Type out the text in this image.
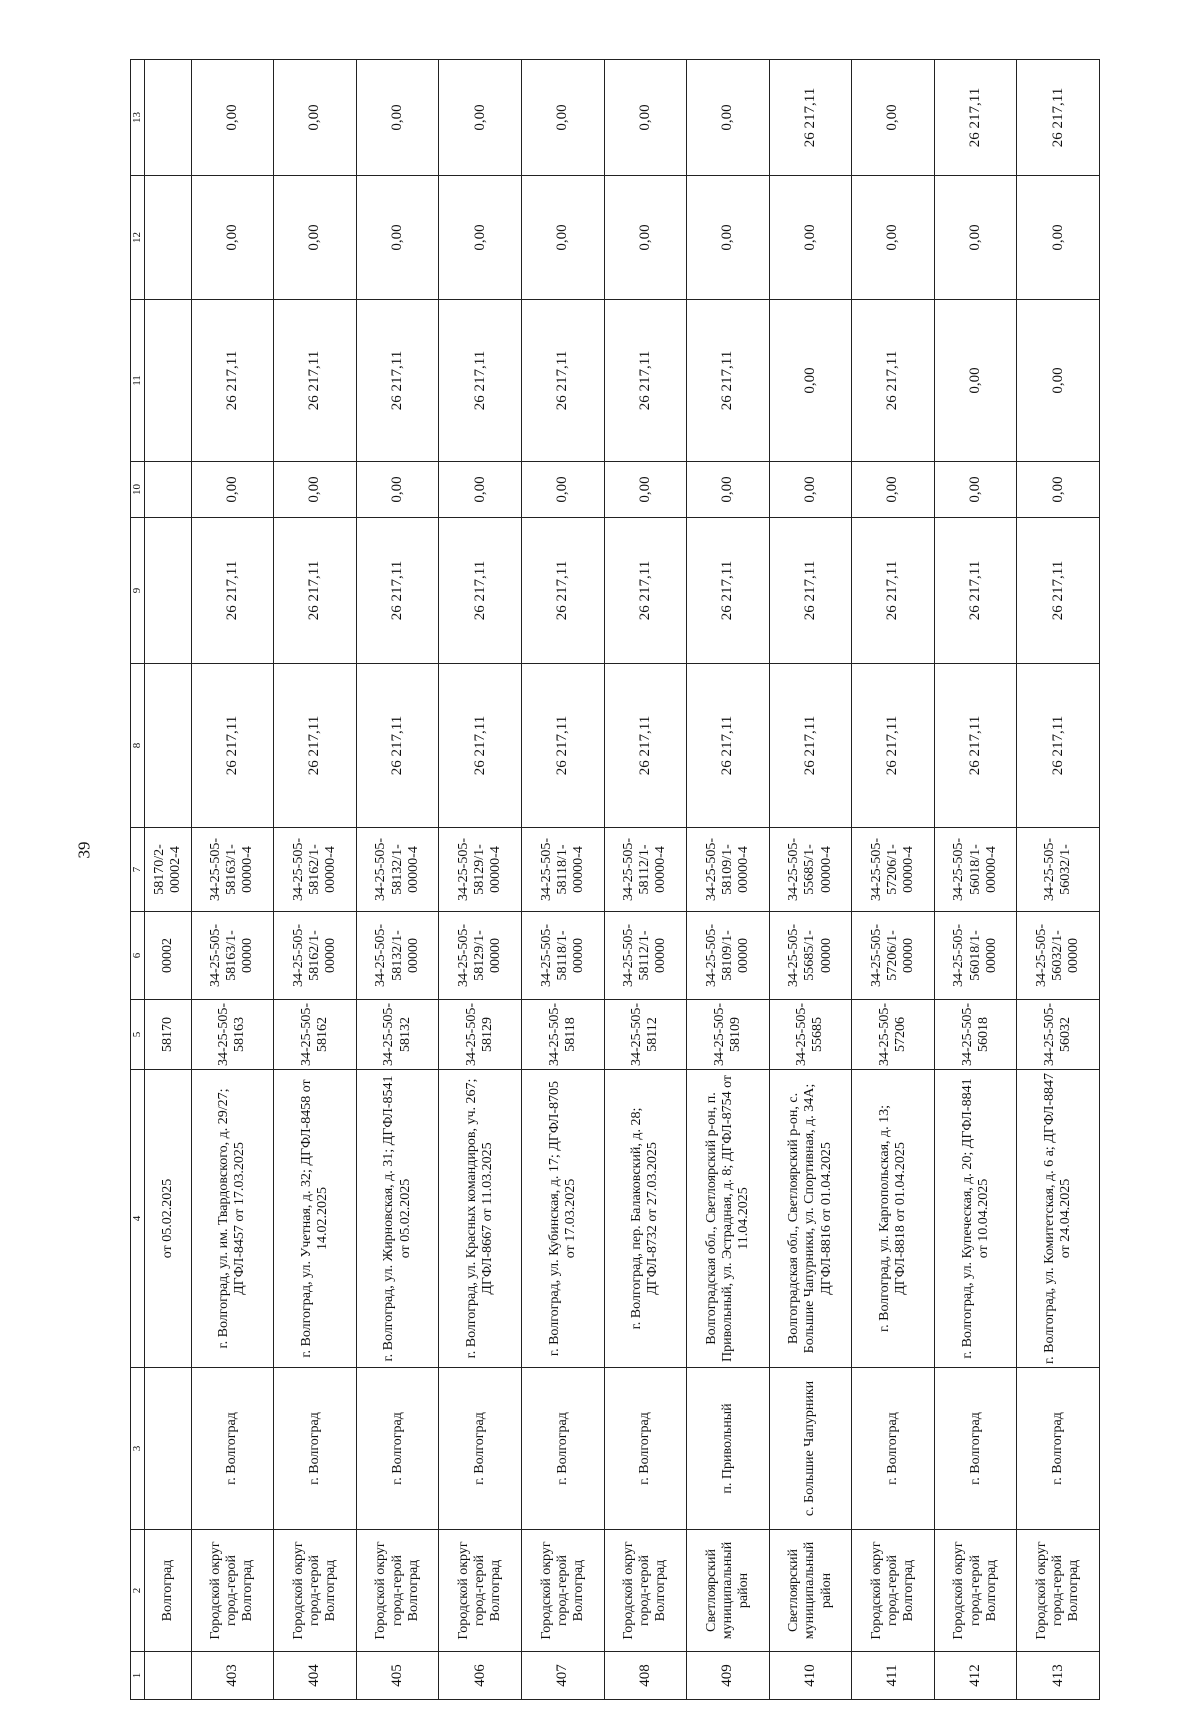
39
1	2	3	4	5	6	7	8	9	10	11	12	13
	Волгоград		от 05.02.2025	58170	00002	58170/2-00002-4						
403	Городской округ город-герой Волгоград	г. Волгоград	г. Волгоград, ул. им. Твардовского, д. 29/27; ДГФЛ-8457 от 17.03.2025	34-25-505-58163	34-25-505-58163/1-00000	34-25-505-58163/1-00000-4	26 217,11	26 217,11	0,00	26 217,11	0,00	0,00
404	Городской округ город-герой Волгоград	г. Волгоград	г. Волгоград, ул. Учетная, д. 32; ДГФЛ-8458 от 14.02.2025	34-25-505-58162	34-25-505-58162/1-00000	34-25-505-58162/1-00000-4	26 217,11	26 217,11	0,00	26 217,11	0,00	0,00
405	Городской округ город-герой Волгоград	г. Волгоград	г. Волгоград, ул. Жирновская, д. 31; ДГФЛ-8541 от 05.02.2025	34-25-505-58132	34-25-505-58132/1-00000	34-25-505-58132/1-00000-4	26 217,11	26 217,11	0,00	26 217,11	0,00	0,00
406	Городской округ город-герой Волгоград	г. Волгоград	г. Волгоград, ул. Красных командиров, уч. 267; ДГФЛ-8667 от 11.03.2025	34-25-505-58129	34-25-505-58129/1-00000	34-25-505-58129/1-00000-4	26 217,11	26 217,11	0,00	26 217,11	0,00	0,00
407	Городской округ город-герой Волгоград	г. Волгоград	г. Волгоград, ул. Кубинская, д. 17; ДГФЛ-8705 от 17.03.2025	34-25-505-58118	34-25-505-58118/1-00000	34-25-505-58118/1-00000-4	26 217,11	26 217,11	0,00	26 217,11	0,00	0,00
408	Городской округ город-герой Волгоград	г. Волгоград	г. Волгоград, пер. Балаковский, д. 28; ДГФЛ-8732 от 27.03.2025	34-25-505-58112	34-25-505-58112/1-00000	34-25-505-58112/1-00000-4	26 217,11	26 217,11	0,00	26 217,11	0,00	0,00
409	Светлоярский муниципальный район	п. Привольный	Волгоградская обл., Светлоярский р-он, п. Привольный, ул. Эстрадная, д. 8; ДГФЛ-8754 от 11.04.2025	34-25-505-58109	34-25-505-58109/1-00000	34-25-505-58109/1-00000-4	26 217,11	26 217,11	0,00	26 217,11	0,00	0,00
410	Светлоярский муниципальный район	с. Большие Чапурники	Волгоградская обл., Светлоярский р-он, с. Большие Чапурники, ул. Спортивная, д. 34А; ДГФЛ-8816 от 01.04.2025	34-25-505-55685	34-25-505-55685/1-00000	34-25-505-55685/1-00000-4	26 217,11	26 217,11	0,00	0,00	0,00	26 217,11
411	Городской округ город-герой Волгоград	г. Волгоград	г. Волгоград, ул. Каргопольская, д. 13; ДГФЛ-8818 от 01.04.2025	34-25-505-57206	34-25-505-57206/1-00000	34-25-505-57206/1-00000-4	26 217,11	26 217,11	0,00	26 217,11	0,00	0,00
412	Городской округ город-герой Волгоград	г. Волгоград	г. Волгоград, ул. Купеческая, д. 20; ДГФЛ-8841 от 10.04.2025	34-25-505-56018	34-25-505-56018/1-00000	34-25-505-56018/1-00000-4	26 217,11	26 217,11	0,00	0,00	0,00	26 217,11
413	Городской округ город-герой Волгоград	г. Волгоград	г. Волгоград, ул. Комитетская, д. 6 а; ДГФЛ-8847 от 24.04.2025	34-25-505-56032	34-25-505-56032/1-00000	34-25-505-56032/1-	26 217,11	26 217,11	0,00	0,00	0,00	26 217,11
